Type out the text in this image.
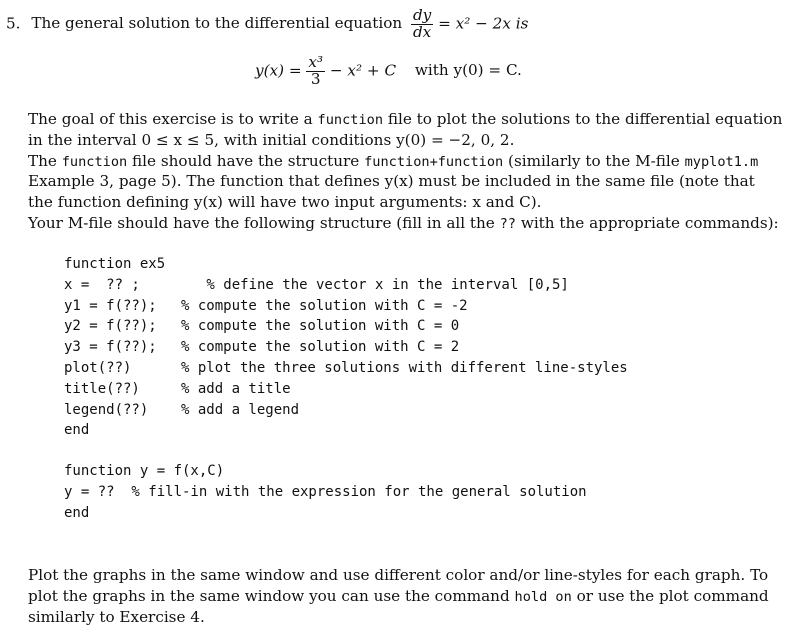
5. The general solution to the differential equation $\frac{dy}{dx} = x^2 - 2x$ is
$y(x) = \frac{\text{x³}}{3} - x^2 + C$ with y(0) = C.
The goal of this exercise is to write a function file to plot the solutions to the differential equation
in the interval 0 ≤ x ≤ 5, with initial conditions y(0) = −2, 0, 2.
The function file should have the structure function+function (similarly to the M-file myplot1.m
Example 3, page 5). The function that defines y(x) must be included in the same file (note that
the function defining y(x) will have two input arguments: x and C).
Your M-file should have the following structure (fill in all the ?? with the appropriate commands):
function ex5
x =  ?? ;	% define the vector x in the interval [0,5]
y1 = f(??); % compute the solution with C = -2
y2 = f(??); % compute the solution with C = 0
y3 = f(??); % compute the solution with C = 2
plot(??)	% plot the three solutions with different line-styles
title(??)	% add a title
legend(??) % add a legend
end
function y = f(x,C)
y = ??  % fill-in with the expression for the general solution
end
Plot the graphs in the same window and use different color and/or line-styles for each graph. To
plot the graphs in the same window you can use the command hold on or use the plot command
similarly to Exercise 4.
